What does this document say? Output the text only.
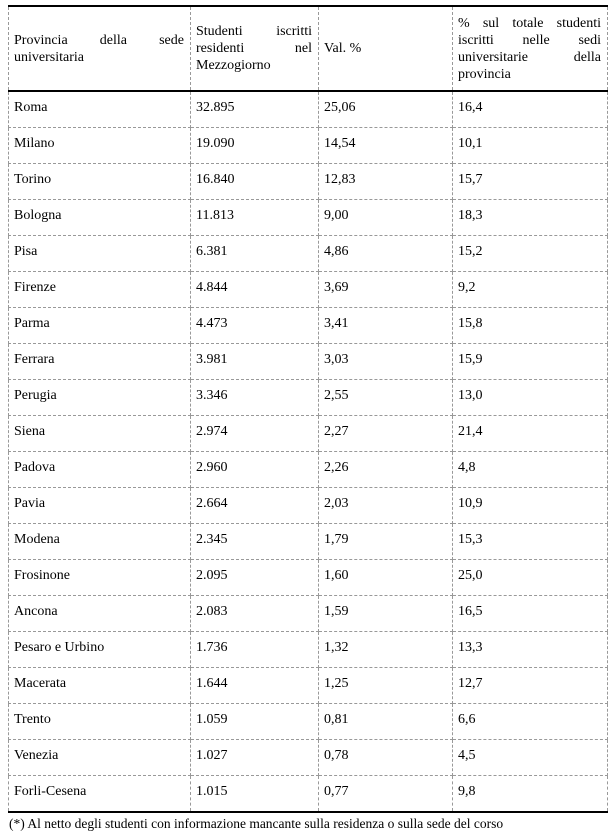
Provincia della sede
universitaria	Studenti iscritti
residenti nel
Mezzogiorno	Val. %	% sul totale studenti
iscritti nelle sedi
universitarie della
provincia

Roma	32.895	25,06	16,4
Milano	19.090	14,54	10,1
Torino	16.840	12,83	15,7
Bologna	11.813	9,00	18,3
Pisa	6.381	4,86	15,2
Firenze	4.844	3,69	9,2
Parma	4.473	3,41	15,8
Ferrara	3.981	3,03	15,9
Perugia	3.346	2,55	13,0
Siena	2.974	2,27	21,4
Padova	2.960	2,26	4,8
Pavia	2.664	2,03	10,9
Modena	2.345	1,79	15,3
Frosinone	2.095	1,60	25,0
Ancona	2.083	1,59	16,5
Pesaro e Urbino	1.736	1,32	13,3
Macerata	1.644	1,25	12,7
Trento	1.059	0,81	6,6
Venezia	1.027	0,78	4,5
Forli-Cesena	1.015	0,77	9,8
(*) Al netto degli studenti con informazione mancante sulla residenza o sulla sede del corso
